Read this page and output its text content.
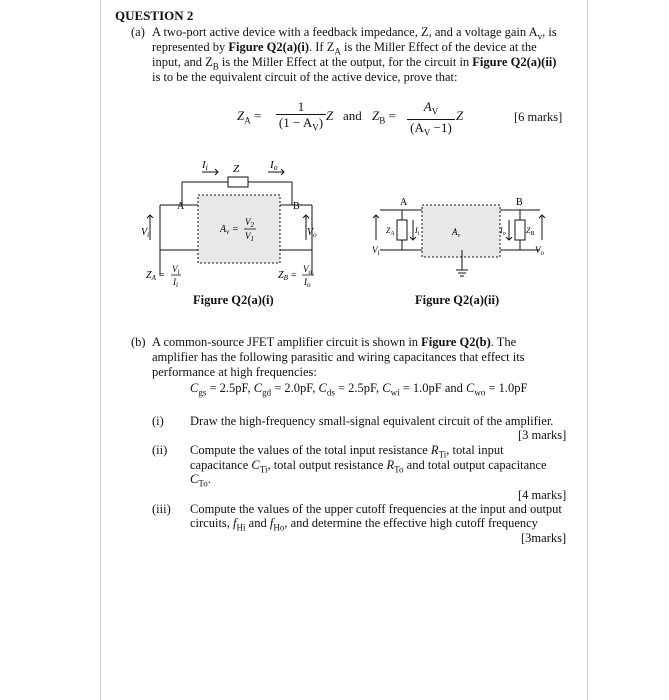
QUESTION 2
(a) A two-port active device with a feedback impedance, Z, and a voltage gain $A_v$, is
represented by Figure Q2(a)(i). If $Z_A$ is the Miller Effect of the device at the
input, and $Z_B$ is the Miller Effect at the output, for the circuit in Figure Q2(a)(ii)
is to be the equivalent circuit of the active device, prove that:
$Z_A = \frac{1}{(1 - A_V)}$ Z and $Z_B = \frac{A_V}{(A_V -1)}$ Z	[6 marks]
Ii Z	Io
A	B
$V_i$	$V_o$
$A_v$ =
$V_2$
$V_1$
$Z_A$ =
$V_i$
$I_i$
$Z_B$ =
$V_o$
$I_o$
Figure Q2(a)(i)
A	B
$V_i$	$V_o$
$Z_A$	$Z_B$
$I_i$	$I_o$
$A_v$
Figure Q2(a)(ii)
(b) A common-source JFET amplifier circuit is shown in Figure Q2(b). The
amplifier has the following parasitic and wiring capacitances that effect its
performance at high frequencies:
$C_{gs} = 2.5pF$, $C_{gd} = 2.0pF$, $C_{ds} = 2.5pF$, $C_{wi} = 1.0pF$ and $C_{wo} = 1.0pF$
(i) Draw the high-frequency small-signal equivalent circuit of the amplifier.
[3 marks]
(ii) Compute the values of the total input resistance $R_{Ti}$, total input
capacitance $C_{Ti}$, total output resistance $R_{To}$ and total output capacitance
$C_{To}$.
[4 marks]
(iii) Compute the values of the upper cutoff frequencies at the input and output
circuits, $f_{Hi}$ and $f_{Ho}$, and determine the effective high cutoff frequency
[3marks]
